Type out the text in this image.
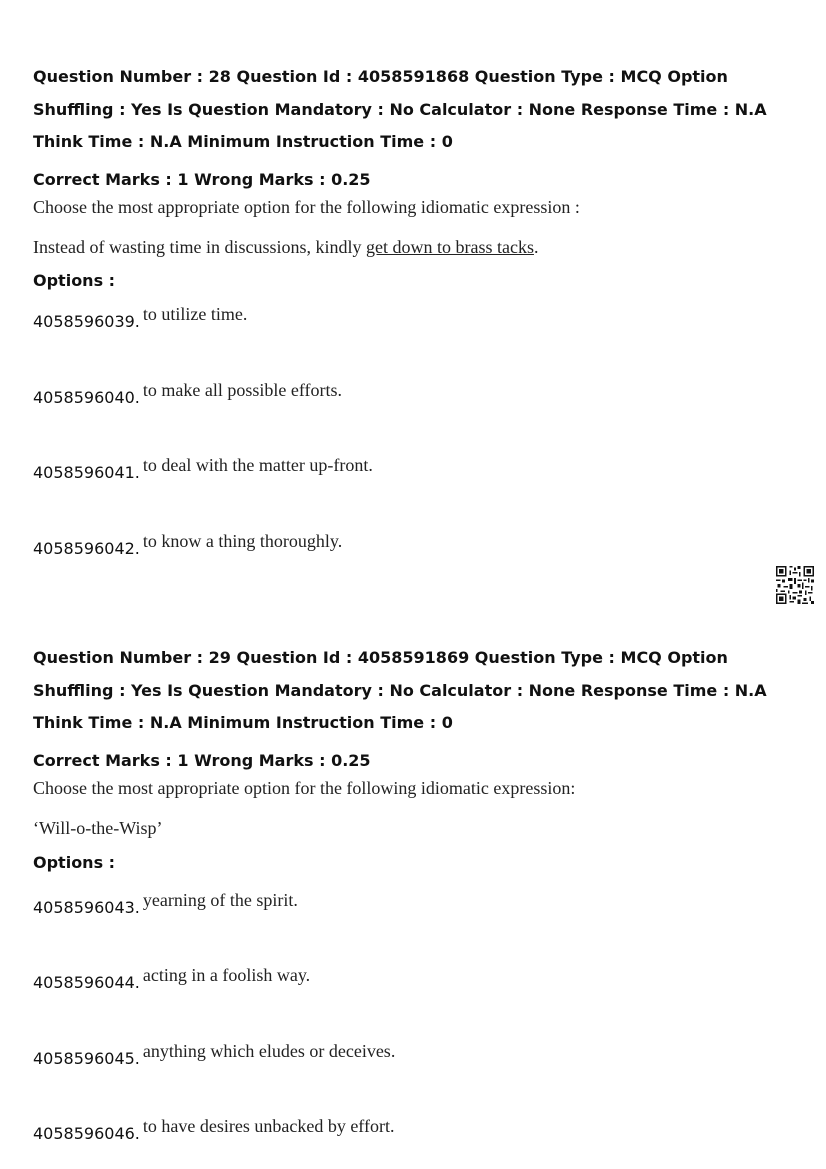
Question Number : 28 Question Id : 4058591868 Question Type : MCQ Option Shuffling : Yes Is Question Mandatory : No Calculator : None Response Time : N.A Think Time : N.A Minimum Instruction Time : 0
Correct Marks : 1 Wrong Marks : 0.25
Choose the most appropriate option for the following idiomatic expression :
Instead of wasting time in discussions, kindly get down to brass tacks.
Options :
4058596039. to utilize time.
4058596040. to make all possible efforts.
4058596041. to deal with the matter up-front.
4058596042. to know a thing thoroughly.
Question Number : 29 Question Id : 4058591869 Question Type : MCQ Option Shuffling : Yes Is Question Mandatory : No Calculator : None Response Time : N.A Think Time : N.A Minimum Instruction Time : 0
Correct Marks : 1 Wrong Marks : 0.25
Choose the most appropriate option for the following idiomatic expression:
‘Will-o-the-Wisp’
Options :
4058596043. yearning of the spirit.
4058596044. acting in a foolish way.
4058596045. anything which eludes or deceives.
4058596046. to have desires unbacked by effort.
